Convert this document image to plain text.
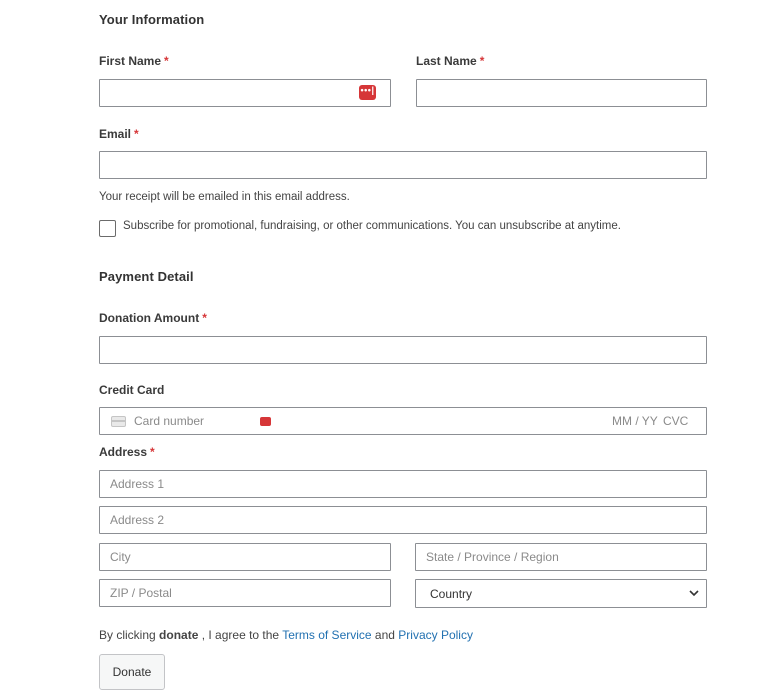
Your Information
First Name *
•••|
Last Name *
Email *
Your receipt will be emailed in this email address.
Subscribe for promotional, fundraising, or other communications. You can unsubscribe at anytime.
Payment Detail
Donation Amount *
Credit Card
Card number	MM / YY CVC
Address *
Address 1
Address 2
City	State / Province / Region
ZIP / Postal	Country
By clicking donate , I agree to the Terms of Service and Privacy Policy
Donate
